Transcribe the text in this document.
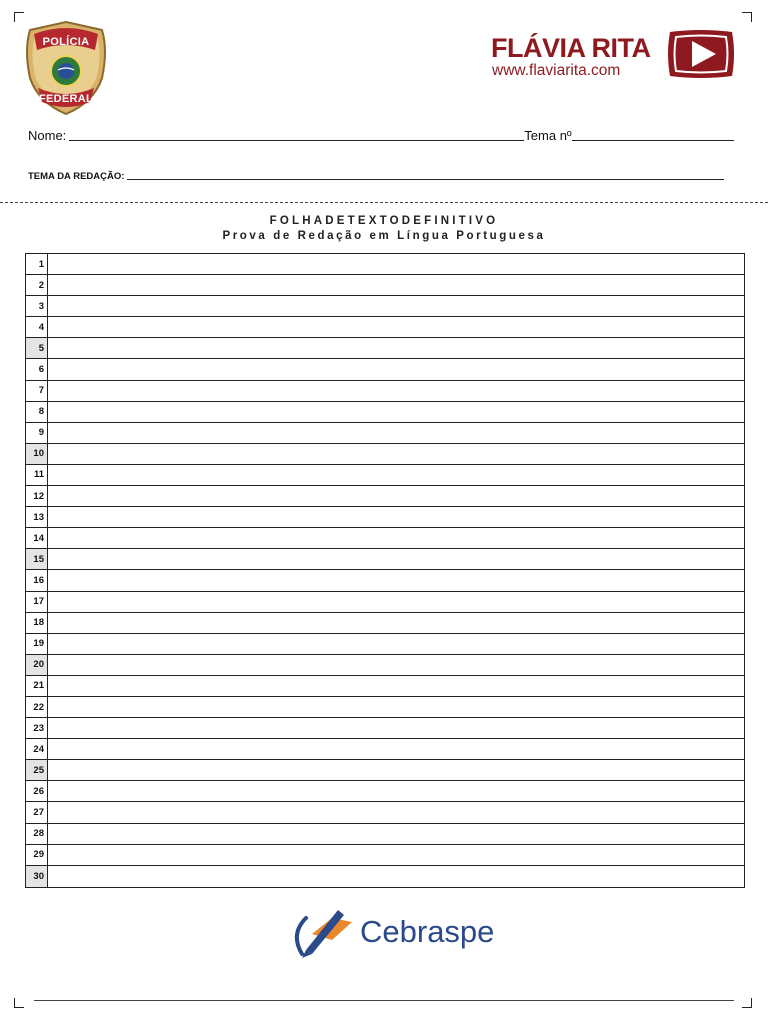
POLÍCIA
FEDERAL
FLÁVIA RITA
www.flaviarita.com
Nome:	Tema nº
TEMA DA REDAÇÃO:
FOLHADETEXTODEFINITIVO
Prova de Redação em Língua Portuguesa
1
2
3
4
5
6
7
8
9
10
11
12
13
14
15
16
17
18
19
20
21
22
23
24
25
26
27
28
29
30
Cebraspe
